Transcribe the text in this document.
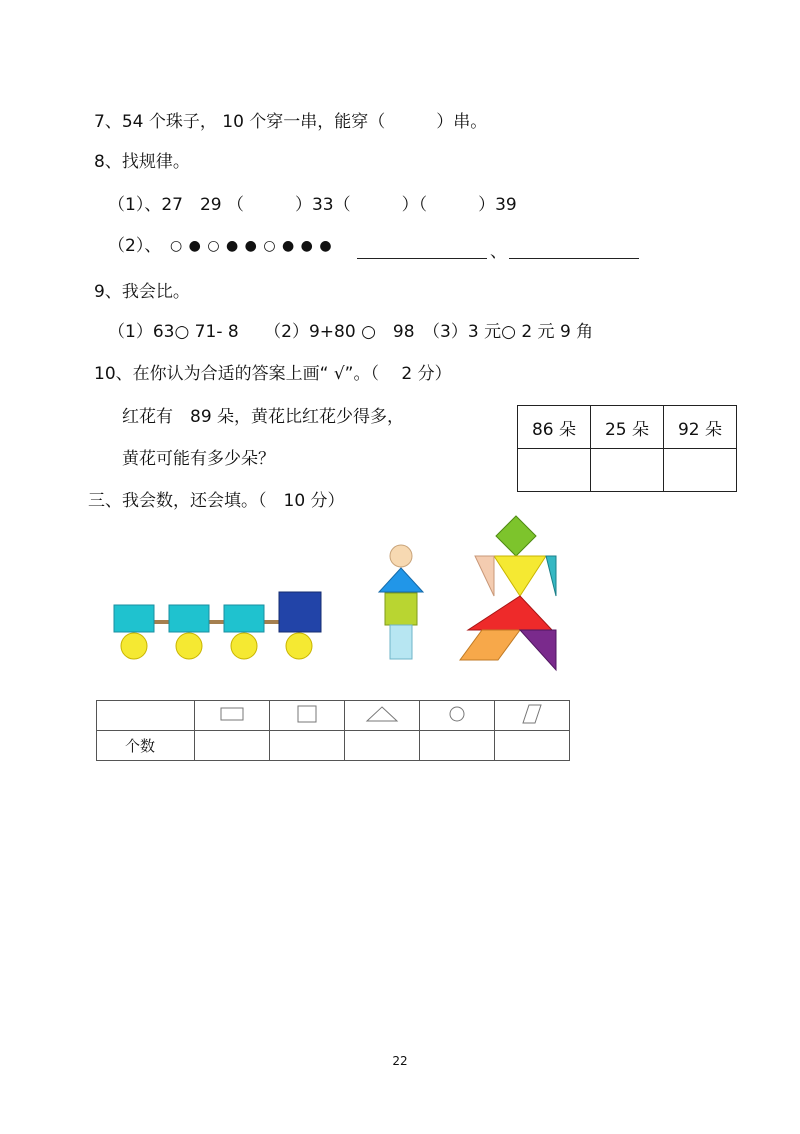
7、54 个珠子， 10 个穿一串，能穿（　　　）串。
8、找规律。
（1）、27　29 （　　　）33（　　　）（　　　）39
（2）、 ○ ● ○ ● ● ○ ● ● ●	、
9、我会比。
（1）63○ 71- 8　　（2）9+80 ○　98　（3）3 元○ 2 元 9 角
10、在你认为合适的答案上画“ √”。（　 2 分）
红花有　89 朵，黄花比红花少得多，
黄花可能有多少朵？
86 朵	25 朵	92 朵

三、我会数，还会填。（　10 分）

个数					
22
